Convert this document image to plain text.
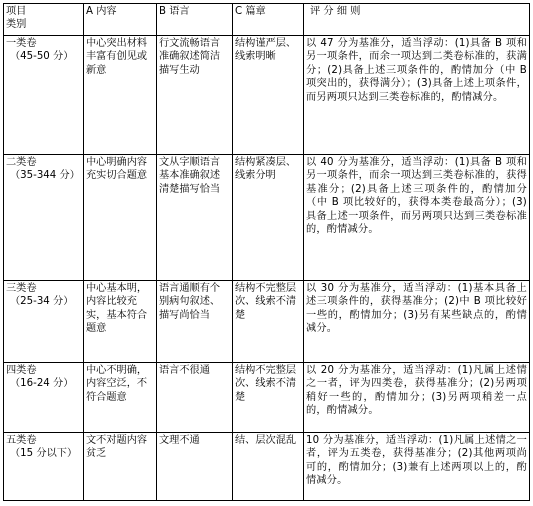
项目
类别	A 内容	B 语言	C 篇章	评 分 细 则
一类卷
（45-50 分）	中心突出材料丰富有创见或新意	行文流畅语言准确叙述简洁描写生动	结构谨严层、线索明晰	以 47 分为基准分，适当浮动：(1)具备 B 项和另一项条件，而余一项达到二类卷标准的，获满分；(2)具备上述三项条件的，酌情加分（中 B 项突出的，获得满分）；(3)具备上述上项条件，而另两项只达到三类卷标准的，酌情减分。
二类卷
（35-344 分）	中心明确内容充实切合题意	文从字顺语言基本准确叙述清楚描写恰当	结构紧凑层、线索分明	以 40 分为基准分，适当浮动：(1)具备 B 项和另一项条件，而余一项达到三类卷标准的，获得基准分；(2)具备上述三项条件的，酌情加分（中 B 项比较好的，获得本类卷最高分）；(3)具备上述一项条件，而另两项只达到三类卷标准的，酌情减分。
三类卷
（25-34 分）	中心基本明，内容比较充实，基本符合题意	语言通顺有个别病句叙述、描写尚恰当	结构不完整层次、线索不清楚	以 30 分为基准分，适当浮动：(1)基本具备上述三项条件的，获得基准分；(2)中 B 项比较好一些的，酌情加分；(3)另有某些缺点的，酌情减分。
四类卷
（16-24 分）	中心不明确，内容空泛，不符合题意	语言不很通	结构不完整层次、线索不清楚	以 20 分为基准分，适当浮动：(1)凡属上述情之一者，评为四类卷，获得基准分；(2)另两项稍好一些的，酌情加分；(3)另两项稍差一点的，酌情减分。
五类卷
（15 分以下）	文不对题内容贫乏	文理不通	结、层次混乱	10 分为基准分，适当浮动：(1)凡属上述情之一者，评为五类卷，获得基准分；(2)其他两项尚可的，酌情加分；(3)兼有上述两项以上的，酌情减分。
